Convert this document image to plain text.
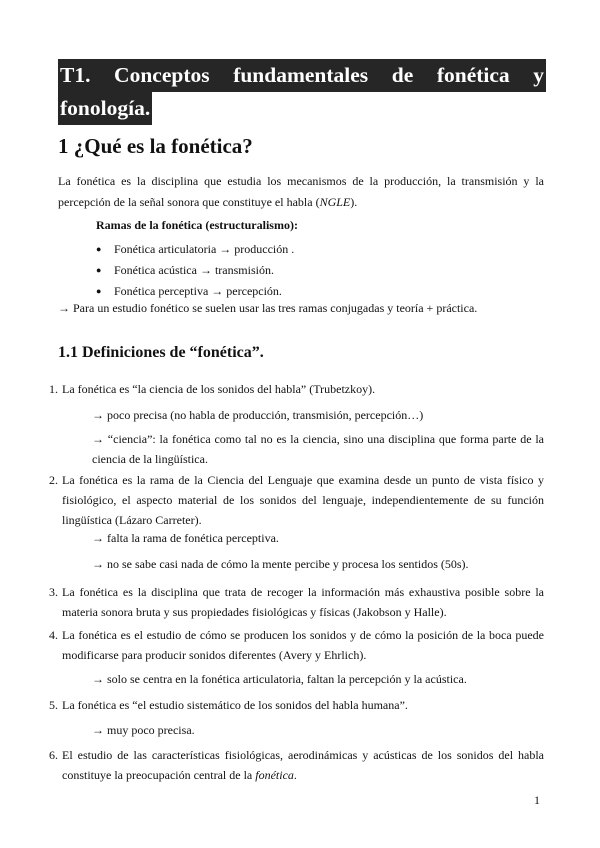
T1. Conceptos fundamentales de fonética y
fonología.
1 ¿Qué es la fonética?
La fonética es la disciplina que estudia los mecanismos de la producción, la transmisión y la percepción de la señal sonora que constituye el habla (NGLE).
Ramas de la fonética (estructuralismo):
● Fonética articulatoria → producción .
● Fonética acústica → transmisión.
● Fonética perceptiva → percepción.
→ Para un estudio fonético se suelen usar las tres ramas conjugadas y teoría + práctica.
1.1 Definiciones de “fonética”.
1. La fonética es “la ciencia de los sonidos del habla” (Trubetzkoy).
→ poco precisa (no habla de producción, transmisión, percepción…)
→ “ciencia”: la fonética como tal no es la ciencia, sino una disciplina que forma parte de la ciencia de la lingüística.
2. La fonética es la rama de la Ciencia del Lenguaje que examina desde un punto de vista físico y fisiológico, el aspecto material de los sonidos del lenguaje, independientemente de su función lingüística (Lázaro Carreter).
→ falta la rama de fonética perceptiva.
→ no se sabe casi nada de cómo la mente percibe y procesa los sentidos (50s).
3. La fonética es la disciplina que trata de recoger la información más exhaustiva posible sobre la materia sonora bruta y sus propiedades fisiológicas y físicas (Jakobson y Halle).
4. La fonética es el estudio de cómo se producen los sonidos y de cómo la posición de la boca puede modificarse para producir sonidos diferentes (Avery y Ehrlich).
→ solo se centra en la fonética articulatoria, faltan la percepción y la acústica.
5. La fonética es “el estudio sistemático de los sonidos del habla humana”.
→ muy poco precisa.
6. El estudio de las características fisiológicas, aerodinámicas y acústicas de los sonidos del habla constituye la preocupación central de la fonética.
1
